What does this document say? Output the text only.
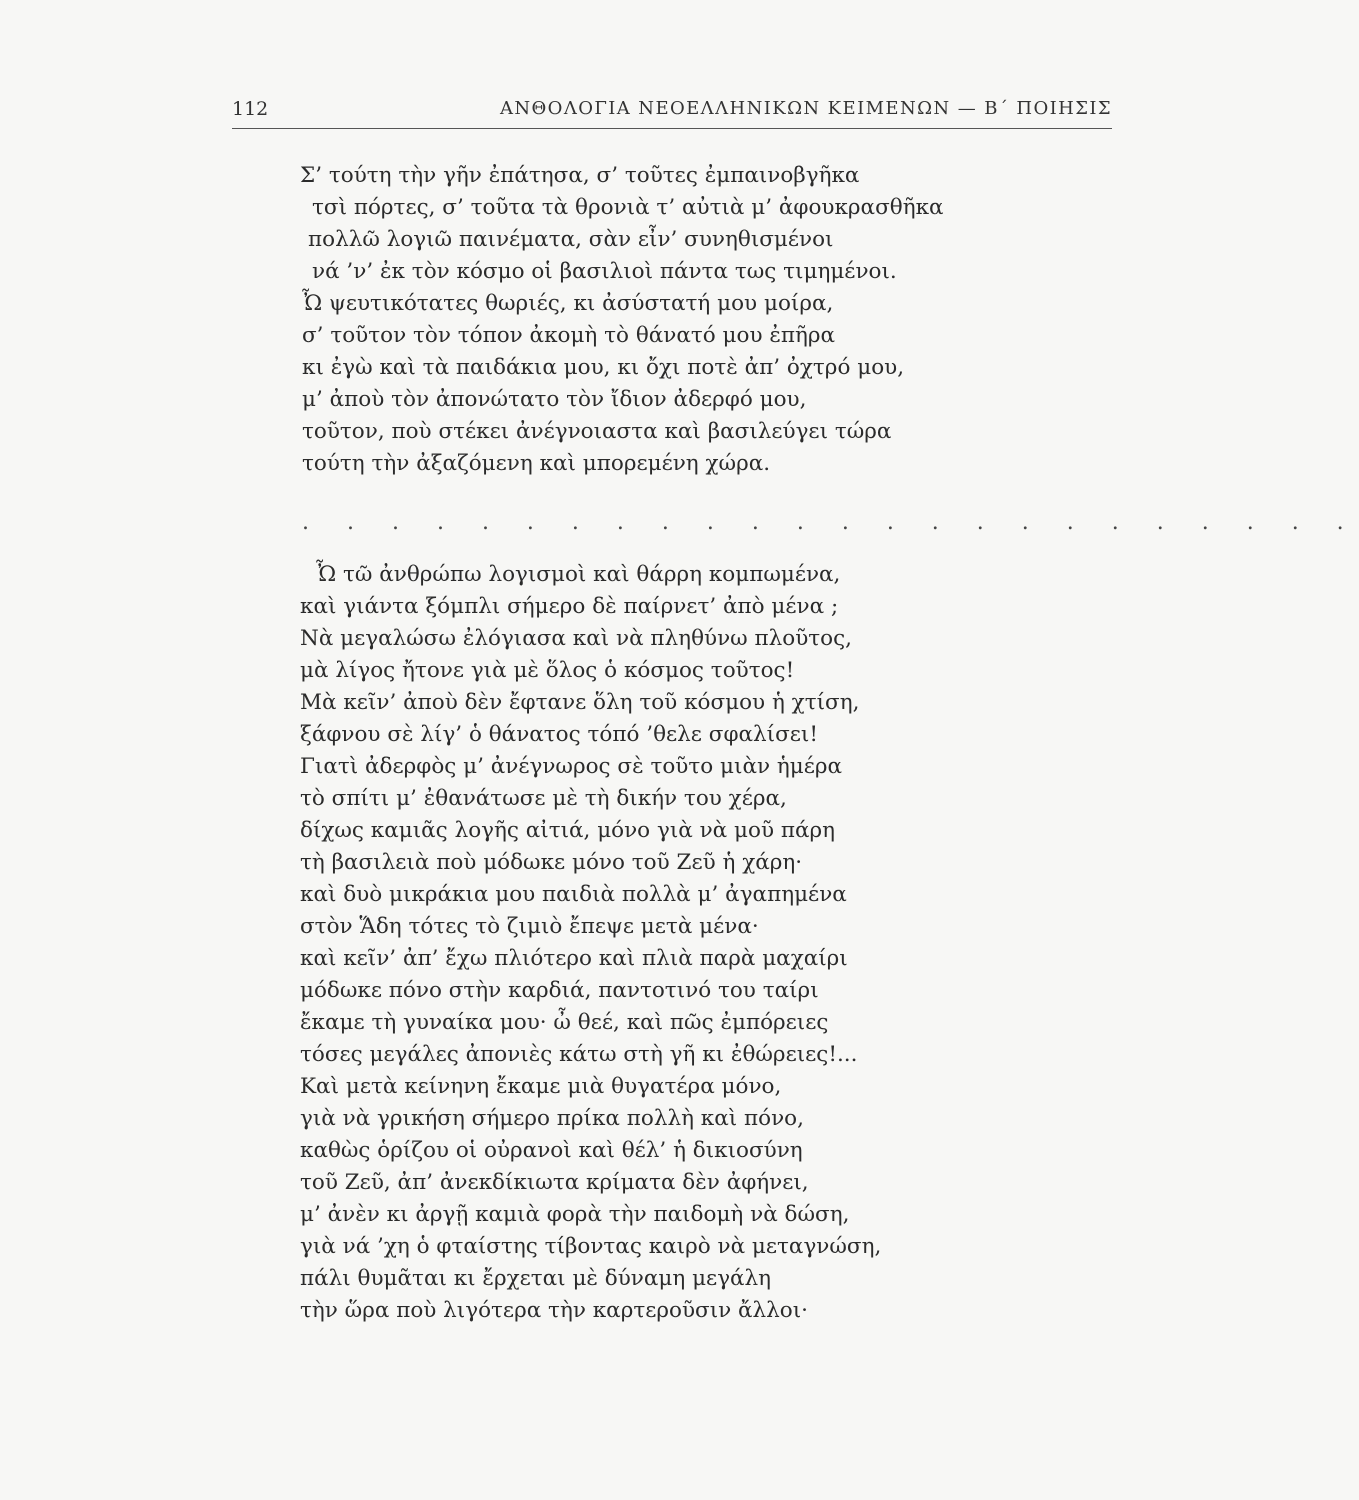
112	ΑΝΘΟΛΟΓΙΑ ΝΕΟΕΛΛΗΝΙΚΩΝ ΚΕΙΜΕΝΩΝ — Β΄ ΠΟΙΗΣΙΣ
Σ’ τούτη τὴν γῆν ἐπάτησα, σ’ τοῦτες ἐμπαινοβγῆκα
τσὶ πόρτες, σ’ τοῦτα τὰ θρονιὰ τ’ αὐτιὰ μ’ ἀφουκρασθῆκα
πολλῶ λογιῶ παινέματα, σὰν εἶν’ συνηθισμένοι
νά ’ν’ ἐκ τὸν κόσμο οἱ βασιλιοὶ πάντα τως τιμημένοι.
Ὦ ψευτικότατες θωριές, κι ἀσύστατή μου μοίρα,
σ’ τοῦτον τὸν τόπον ἀκομὴ τὸ θάνατό μου ἐπῆρα
κι ἐγὼ καὶ τὰ παιδάκια μου, κι ὄχι ποτὲ ἀπ’ ὀχτρό μου,
μ’ ἀποὺ τὸν ἀπονώτατο τὸν ἴδιον ἀδερφό μου,
τοῦτον, ποὺ στέκει ἀνέγνοιαστα καὶ βασιλεύγει τώρα
τούτη τὴν ἀξαζόμενη καὶ μπορεμένη χώρα.
. . . . . . . . . . . . . . . . . . . . . . . .
Ὦ τῶ ἀνθρώπω λογισμοὶ καὶ θάρρη κομπωμένα,
καὶ γιάντα ξόμπλι σήμερο δὲ παίρνετ’ ἀπὸ μένα ;
Νὰ μεγαλώσω ἐλόγιασα καὶ νὰ πληθύνω πλοῦτος,
μὰ λίγος ἤτονε γιὰ μὲ ὅλος ὁ κόσμος τοῦτος!
Μὰ κεῖν’ ἀποὺ δὲν ἔφτανε ὅλη τοῦ κόσμου ἡ χτίση,
ξάφνου σὲ λίγ’ ὁ θάνατος τόπό ’θελε σφαλίσει!
Γιατὶ ἀδερφὸς μ’ ἀνέγνωρος σὲ τοῦτο μιὰν ἡμέρα
τὸ σπίτι μ’ ἐθανάτωσε μὲ τὴ δικήν του χέρα,
δίχως καμιᾶς λογῆς αἰτιά, μόνο γιὰ νὰ μοῦ πάρη
τὴ βασιλειὰ ποὺ μόδωκε μόνο τοῦ Ζεῦ ἡ χάρη·
καὶ δυὸ μικράκια μου παιδιὰ πολλὰ μ’ ἀγαπημένα
στὸν Ἅδη τότες τὸ ζιμιὸ ἔπεψε μετὰ μένα·
καὶ κεῖν’ ἀπ’ ἔχω πλιότερο καὶ πλιὰ παρὰ μαχαίρι
μόδωκε πόνο στὴν καρδιά, παντοτινό του ταίρι
ἔκαμε τὴ γυναίκα μου· ὦ θεέ, καὶ πῶς ἐμπόρειες
τόσες μεγάλες ἀπονιὲς κάτω στὴ γῆ κι ἐθώρειες!...
Καὶ μετὰ κείνηνη ἔκαμε μιὰ θυγατέρα μόνο,
γιὰ νὰ γρικήση σήμερο πρίκα πολλὴ καὶ πόνο,
καθὼς ὁρίζου οἱ οὐρανοὶ καὶ θέλ’ ἡ δικιοσύνη
τοῦ Ζεῦ, ἀπ’ ἀνεκδίκιωτα κρίματα δὲν ἀφήνει,
μ’ ἀνὲν κι ἀργῇ καμιὰ φορὰ τὴν παιδομὴ νὰ δώση,
γιὰ νά ’χη ὁ φταίστης τίβοντας καιρὸ νὰ μεταγνώση,
πάλι θυμᾶται κι ἔρχεται μὲ δύναμη μεγάλη
τὴν ὥρα ποὺ λιγότερα τὴν καρτεροῦσιν ἄλλοι·
